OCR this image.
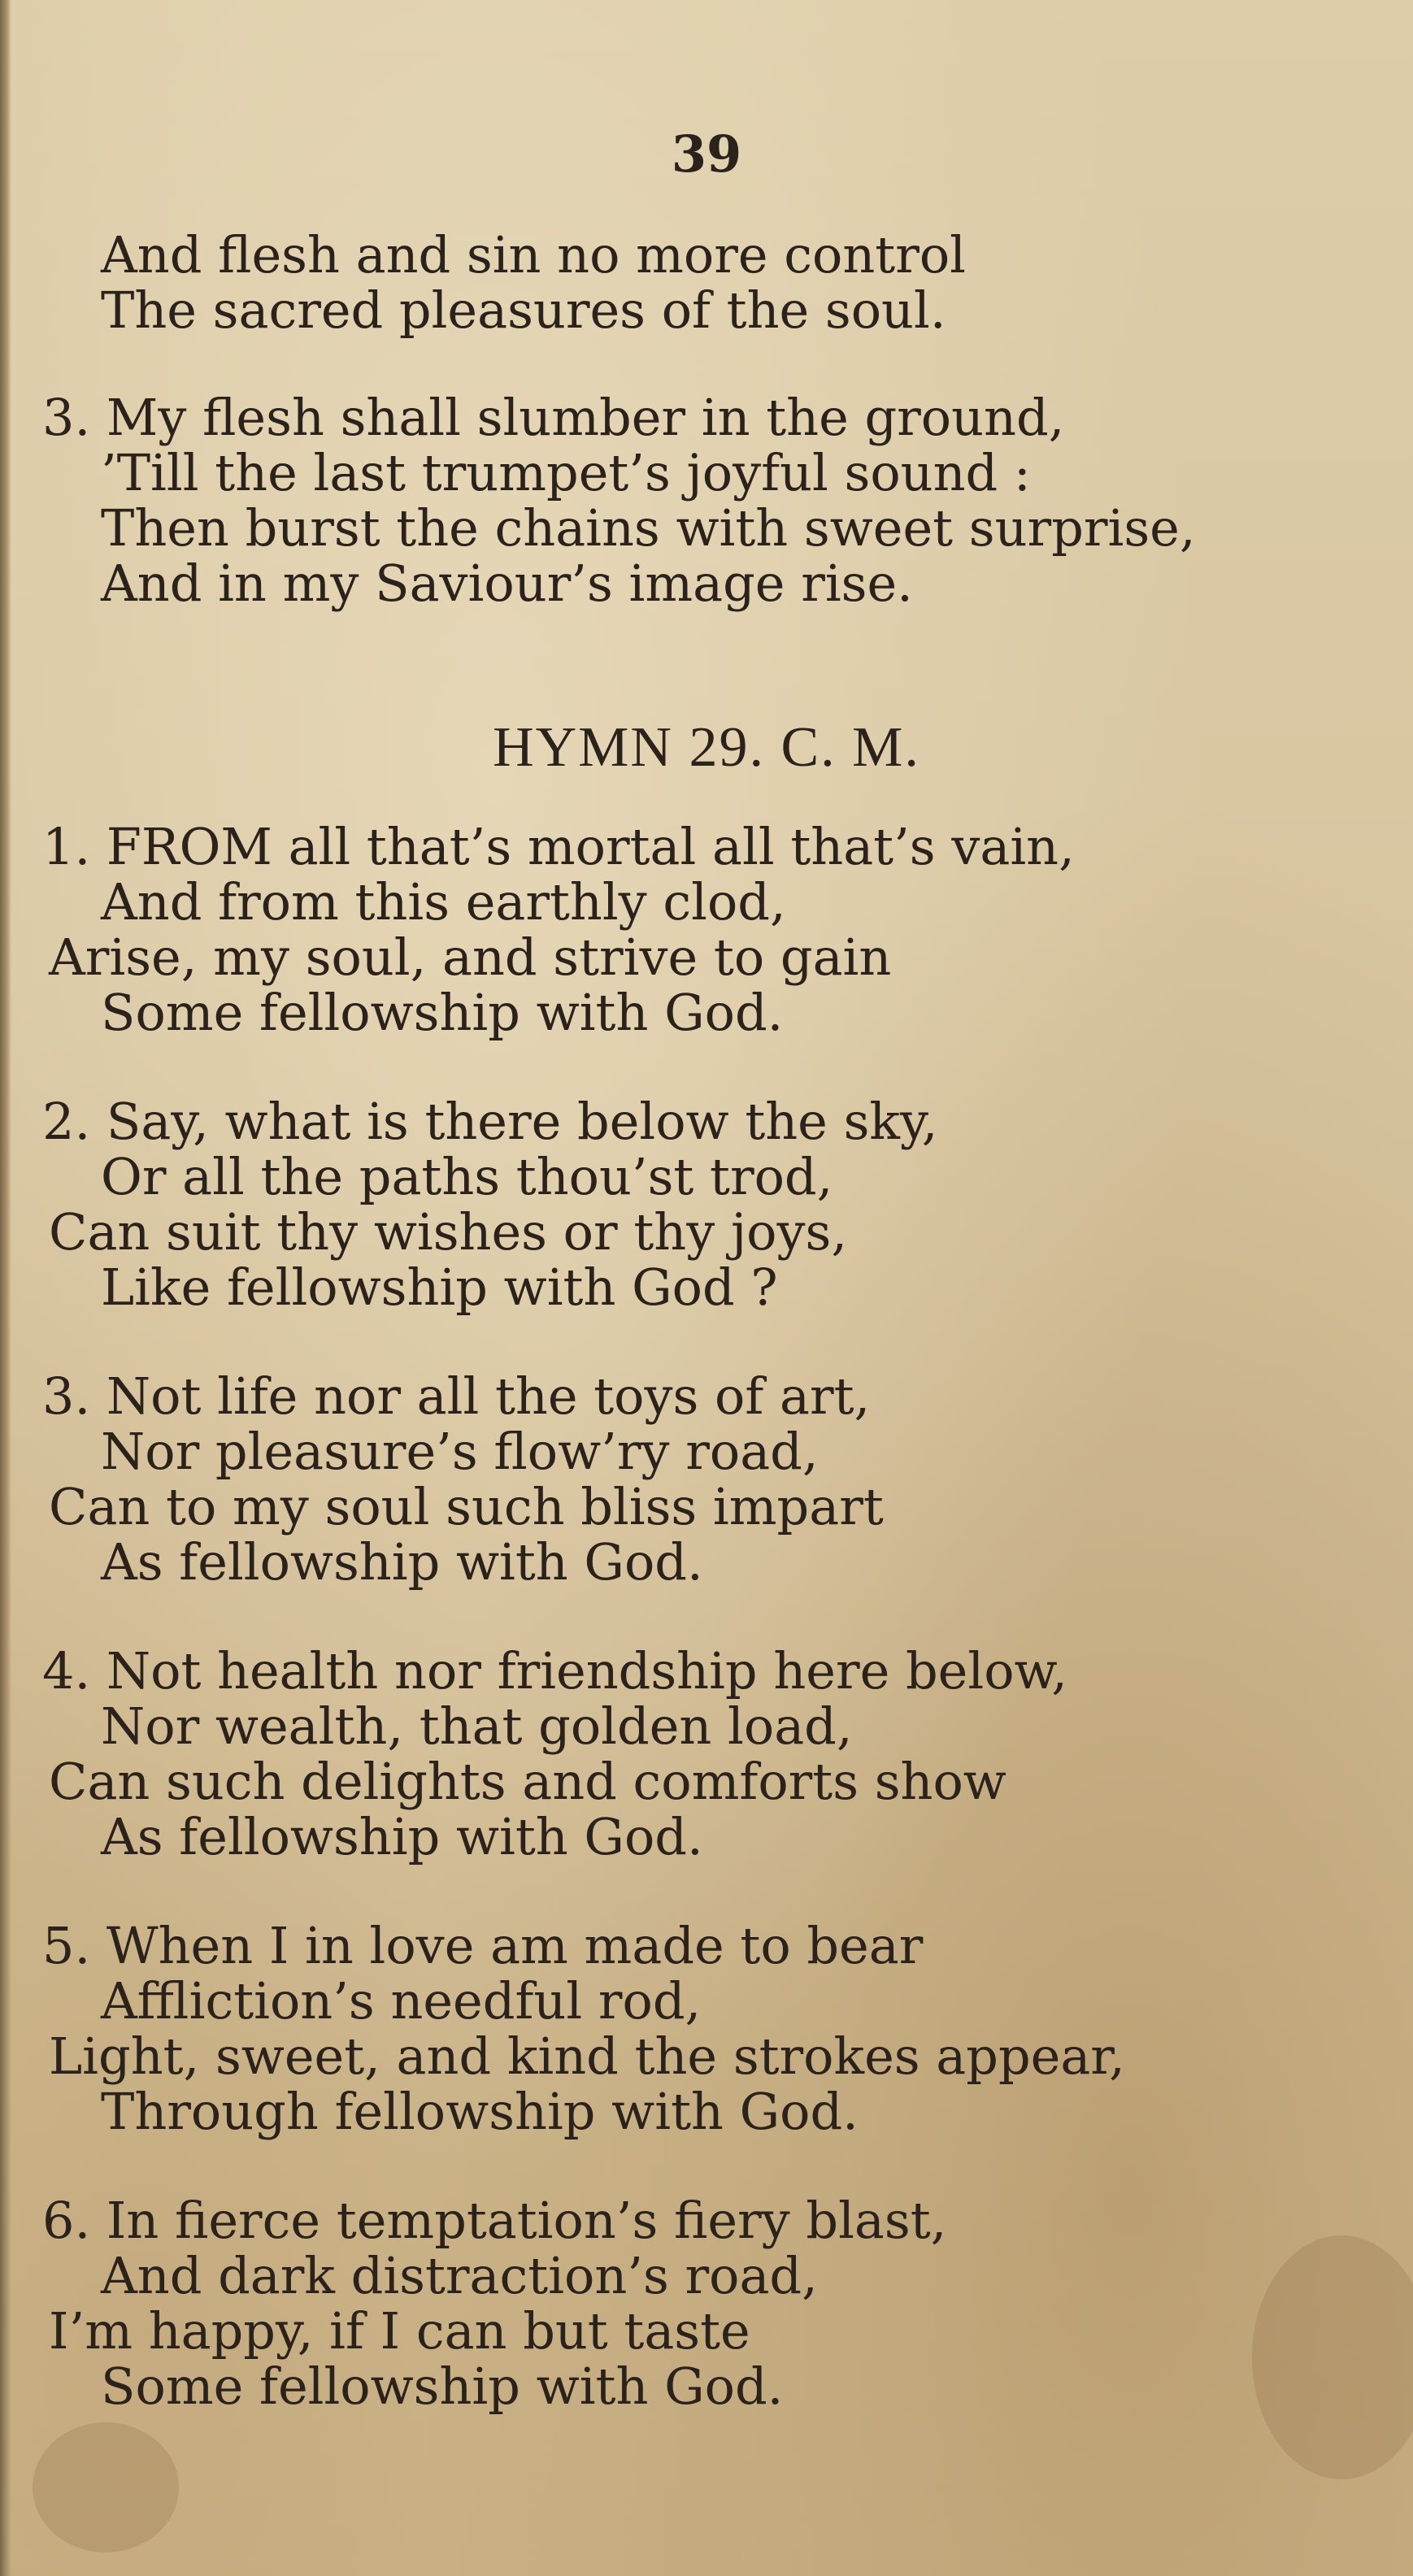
39
And flesh and sin no more control
The sacred pleasures of the soul.
3. My flesh shall slumber in the ground,
’Till the last trumpet’s joyful sound :
Then burst the chains with sweet surprise,
And in my Saviour’s image rise.
HYMN 29. C. M.
1. FROM all that’s mortal all that’s vain,
And from this earthly clod,
Arise, my soul, and strive to gain
Some fellowship with God.
2. Say, what is there below the sky,
Or all the paths thou’st trod,
Can suit thy wishes or thy joys,
Like fellowship with God ?
3. Not life nor all the toys of art,
Nor pleasure’s flow’ry road,
Can to my soul such bliss impart
As fellowship with God.
4. Not health nor friendship here below,
Nor wealth, that golden load,
Can such delights and comforts show
As fellowship with God.
5. When I in love am made to bear
Affliction’s needful rod,
Light, sweet, and kind the strokes appear,
Through fellowship with God.
6. In fierce temptation’s fiery blast,
And dark distraction’s road,
I’m happy, if I can but taste
Some fellowship with God.
